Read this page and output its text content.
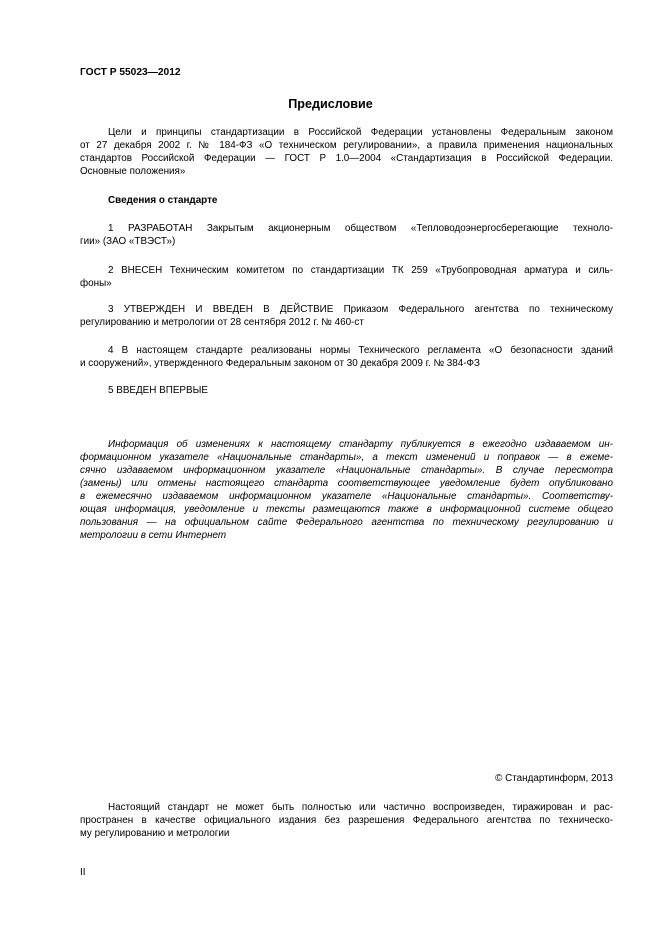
ГОСТ Р 55023—2012
Предисловие
Цели и принципы стандартизации в Российской Федерации установлены Федеральным законом
от 27 декабря 2002 г. № 184-ФЗ «О техническом регулировании», а правила применения национальных
стандартов Российской Федерации — ГОСТ Р 1.0—2004 «Стандартизация в Российской Федерации.
Основные положения»
Сведения о стандарте
1 РАЗРАБОТАН Закрытым акционерным обществом «Тепловодоэнергосберегающие техноло-
гии» (ЗАО «ТВЭСТ»)
2 ВНЕСЕН Техническим комитетом по стандартизации ТК 259 «Трубопроводная арматура и силь-
фоны»
3 УТВЕРЖДЕН И ВВЕДЕН В ДЕЙСТВИЕ Приказом Федерального агентства по техническому
регулированию и метрологии от 28 сентября 2012 г. № 460-ст
4 В настоящем стандарте реализованы нормы Технического регламента «О безопасности зданий
и сооружений», утвержденного Федеральным законом от 30 декабря 2009 г. № 384-ФЗ
5 ВВЕДЕН ВПЕРВЫЕ
Информация об изменениях к настоящему стандарту публикуется в ежегодно издаваемом ин-
формационном указателе «Национальные стандарты», а текст изменений и поправок — в ежеме-
сячно издаваемом информационном указателе «Национальные стандарты». В случае пересмотра
(замены) или отмены настоящего стандарта соответствующее уведомление будет опубликовано
в ежемесячно издаваемом информационном указателе «Национальные стандарты». Соответству-
ющая информация, уведомление и тексты размещаются также в информационной системе общего
пользования — на официальном сайте Федерального агентства по техническому регулированию и
метрологии в сети Интернет
© Стандартинформ, 2013
Настоящий стандарт не может быть полностью или частично воспроизведен, тиражирован и рас-
пространен в качестве официального издания без разрешения Федерального агентства по техническо-
му регулированию и метрологии
II
